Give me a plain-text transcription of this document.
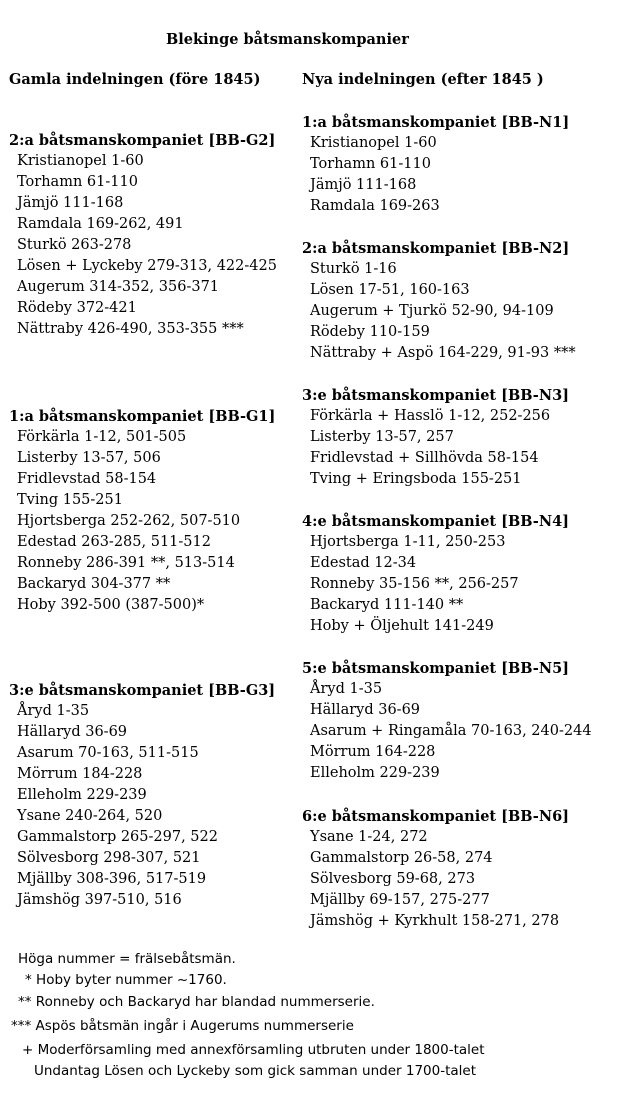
Blekinge båtsmanskompanier
Gamla indelningen (före 1845)	Nya indelningen (efter 1845 )
2:a båtsmanskompaniet [BB-G2]
Kristianopel 1-60
Torhamn 61-110
Jämjö 111-168
Ramdala 169-262, 491
Sturkö 263-278
Lösen + Lyckeby 279-313, 422-425
Augerum 314-352, 356-371
Rödeby 372-421
Nättraby 426-490, 353-355 ***
1:a båtsmanskompaniet [BB-G1]
Förkärla 1-12, 501-505
Listerby 13-57, 506
Fridlevstad 58-154
Tving 155-251
Hjortsberga 252-262, 507-510
Edestad 263-285, 511-512
Ronneby 286-391 **, 513-514
Backaryd 304-377 **
Hoby 392-500 (387-500)*
3:e båtsmanskompaniet [BB-G3]
Åryd 1-35
Hällaryd 36-69
Asarum 70-163, 511-515
Mörrum 184-228
Elleholm 229-239
Ysane 240-264, 520
Gammalstorp 265-297, 522
Sölvesborg 298-307, 521
Mjällby 308-396, 517-519
Jämshög 397-510, 516
1:a båtsmanskompaniet [BB-N1]
Kristianopel 1-60
Torhamn 61-110
Jämjö 111-168
Ramdala 169-263
2:a båtsmanskompaniet [BB-N2]
Sturkö 1-16
Lösen 17-51, 160-163
Augerum + Tjurkö 52-90, 94-109
Rödeby 110-159
Nättraby + Aspö 164-229, 91-93 ***
3:e båtsmanskompaniet [BB-N3]
Förkärla + Hasslö 1-12, 252-256
Listerby 13-57, 257
Fridlevstad + Sillhövda 58-154
Tving + Eringsboda 155-251
4:e båtsmanskompaniet [BB-N4]
Hjortsberga 1-11, 250-253
Edestad 12-34
Ronneby 35-156 **, 256-257
Backaryd 111-140 **
Hoby + Öljehult 141-249
5:e båtsmanskompaniet [BB-N5]
Åryd 1-35
Hällaryd 36-69
Asarum + Ringamåla 70-163, 240-244
Mörrum 164-228
Elleholm 229-239
6:e båtsmanskompaniet [BB-N6]
Ysane 1-24, 272
Gammalstorp 26-58, 274
Sölvesborg 59-68, 273
Mjällby 69-157, 275-277
Jämshög + Kyrkhult 158-271, 278
Höga nummer = frälsebåtsmän.
* Hoby byter nummer ~1760.
** Ronneby och Backaryd har blandad nummerserie.
*** Aspös båtsmän ingår i Augerums nummerserie
+ Moderförsamling med annexförsamling utbruten under 1800-talet
Undantag Lösen och Lyckeby som gick samman under 1700-talet
